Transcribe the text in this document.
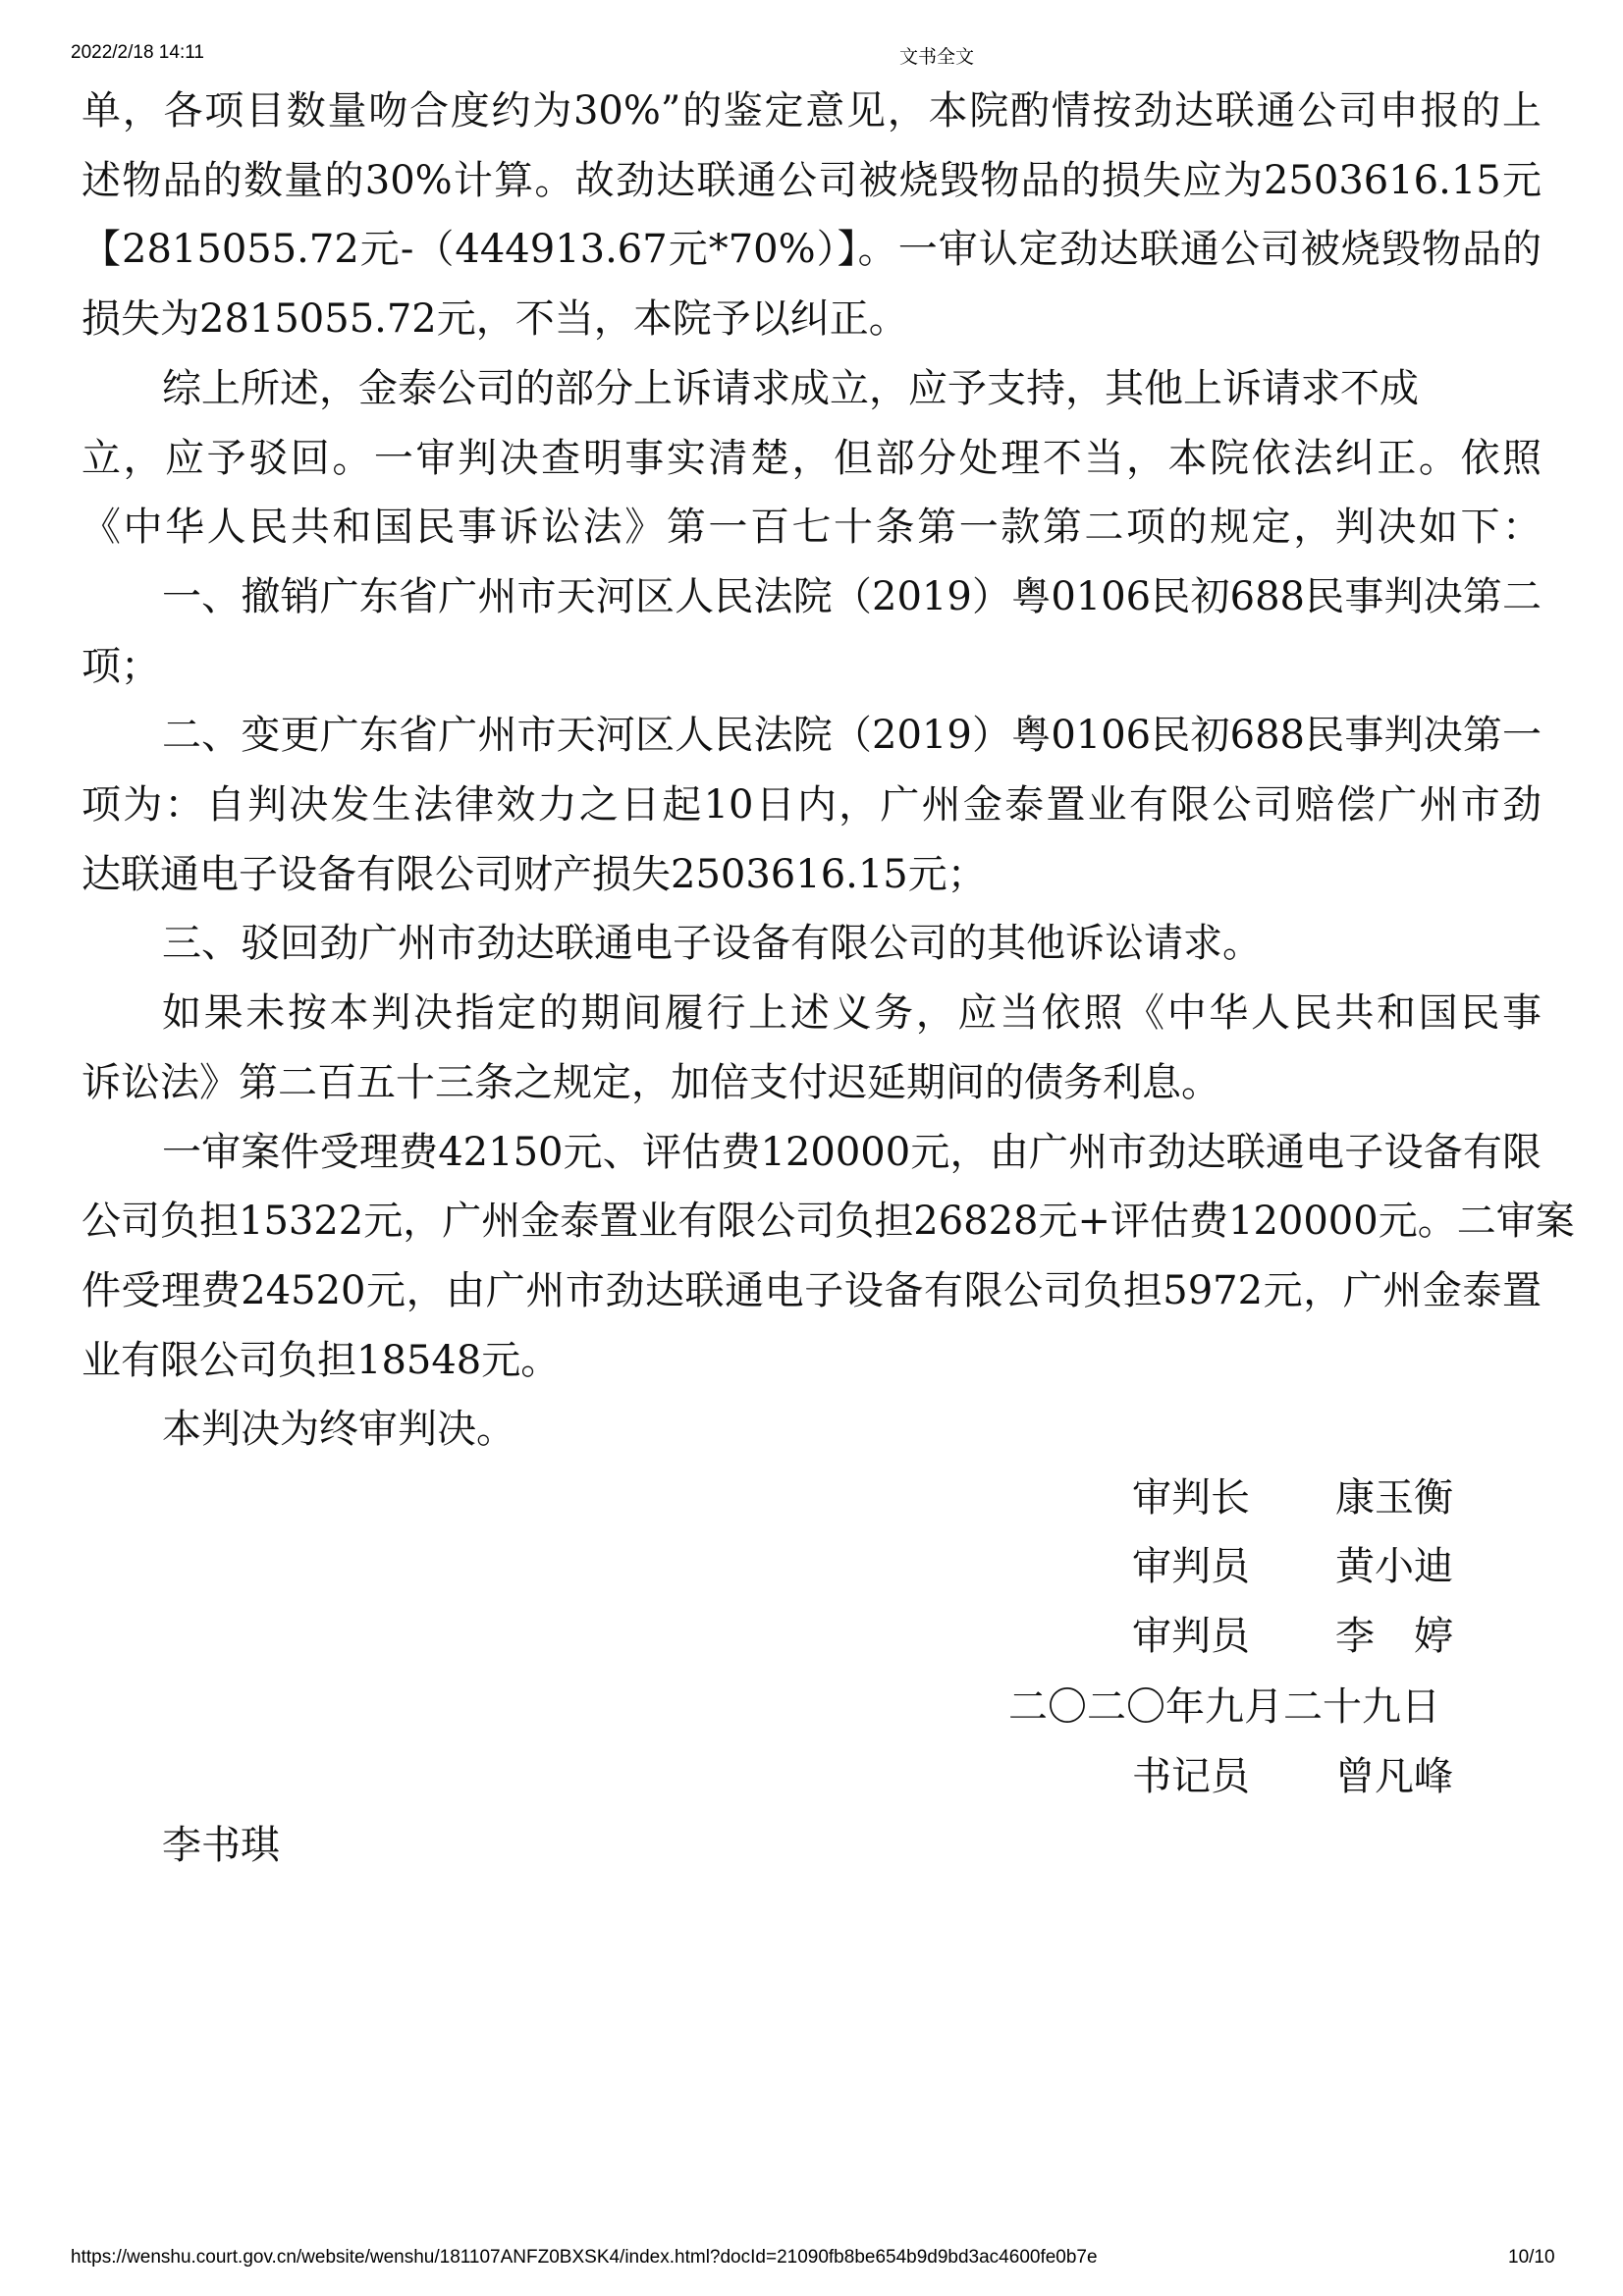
2022/2/18 14:11	文书全文
单，各项目数量吻合度约为30%”的鉴定意见，本院酌情按劲达联通公司申报的上
述物品的数量的30%计算。故劲达联通公司被烧毁物品的损失应为2503616.15元
【2815055.72元-（444913.67元*70%）】。一审认定劲达联通公司被烧毁物品的
损失为2815055.72元，不当，本院予以纠正。
综上所述，金泰公司的部分上诉请求成立，应予支持，其他上诉请求不成
立，应予驳回。一审判决查明事实清楚，但部分处理不当，本院依法纠正。依照
《中华人民共和国民事诉讼法》第一百七十条第一款第二项的规定，判决如下：
一、撤销广东省广州市天河区人民法院（2019）粤0106民初688民事判决第二
项；
二、变更广东省广州市天河区人民法院（2019）粤0106民初688民事判决第一
项为：自判决发生法律效力之日起10日内，广州金泰置业有限公司赔偿广州市劲
达联通电子设备有限公司财产损失2503616.15元；
三、驳回劲广州市劲达联通电子设备有限公司的其他诉讼请求。
如果未按本判决指定的期间履行上述义务，应当依照《中华人民共和国民事
诉讼法》第二百五十三条之规定，加倍支付迟延期间的债务利息。
一审案件受理费42150元、评估费120000元，由广州市劲达联通电子设备有限
公司负担15322元，广州金泰置业有限公司负担26828元+评估费120000元。二审案
件受理费24520元，由广州市劲达联通电子设备有限公司负担5972元，广州金泰置
业有限公司负担18548元。
本判决为终审判决。
审判长 康玉衡
审判员 黄小迪
审判员 李　婷
二〇二〇年九月二十九日
书记员 曾凡峰
李书琪
https://wenshu.court.gov.cn/website/wenshu/181107ANFZ0BXSK4/index.html?docId=21090fb8be654b9d9bd3ac4600fe0b7e	10/10
